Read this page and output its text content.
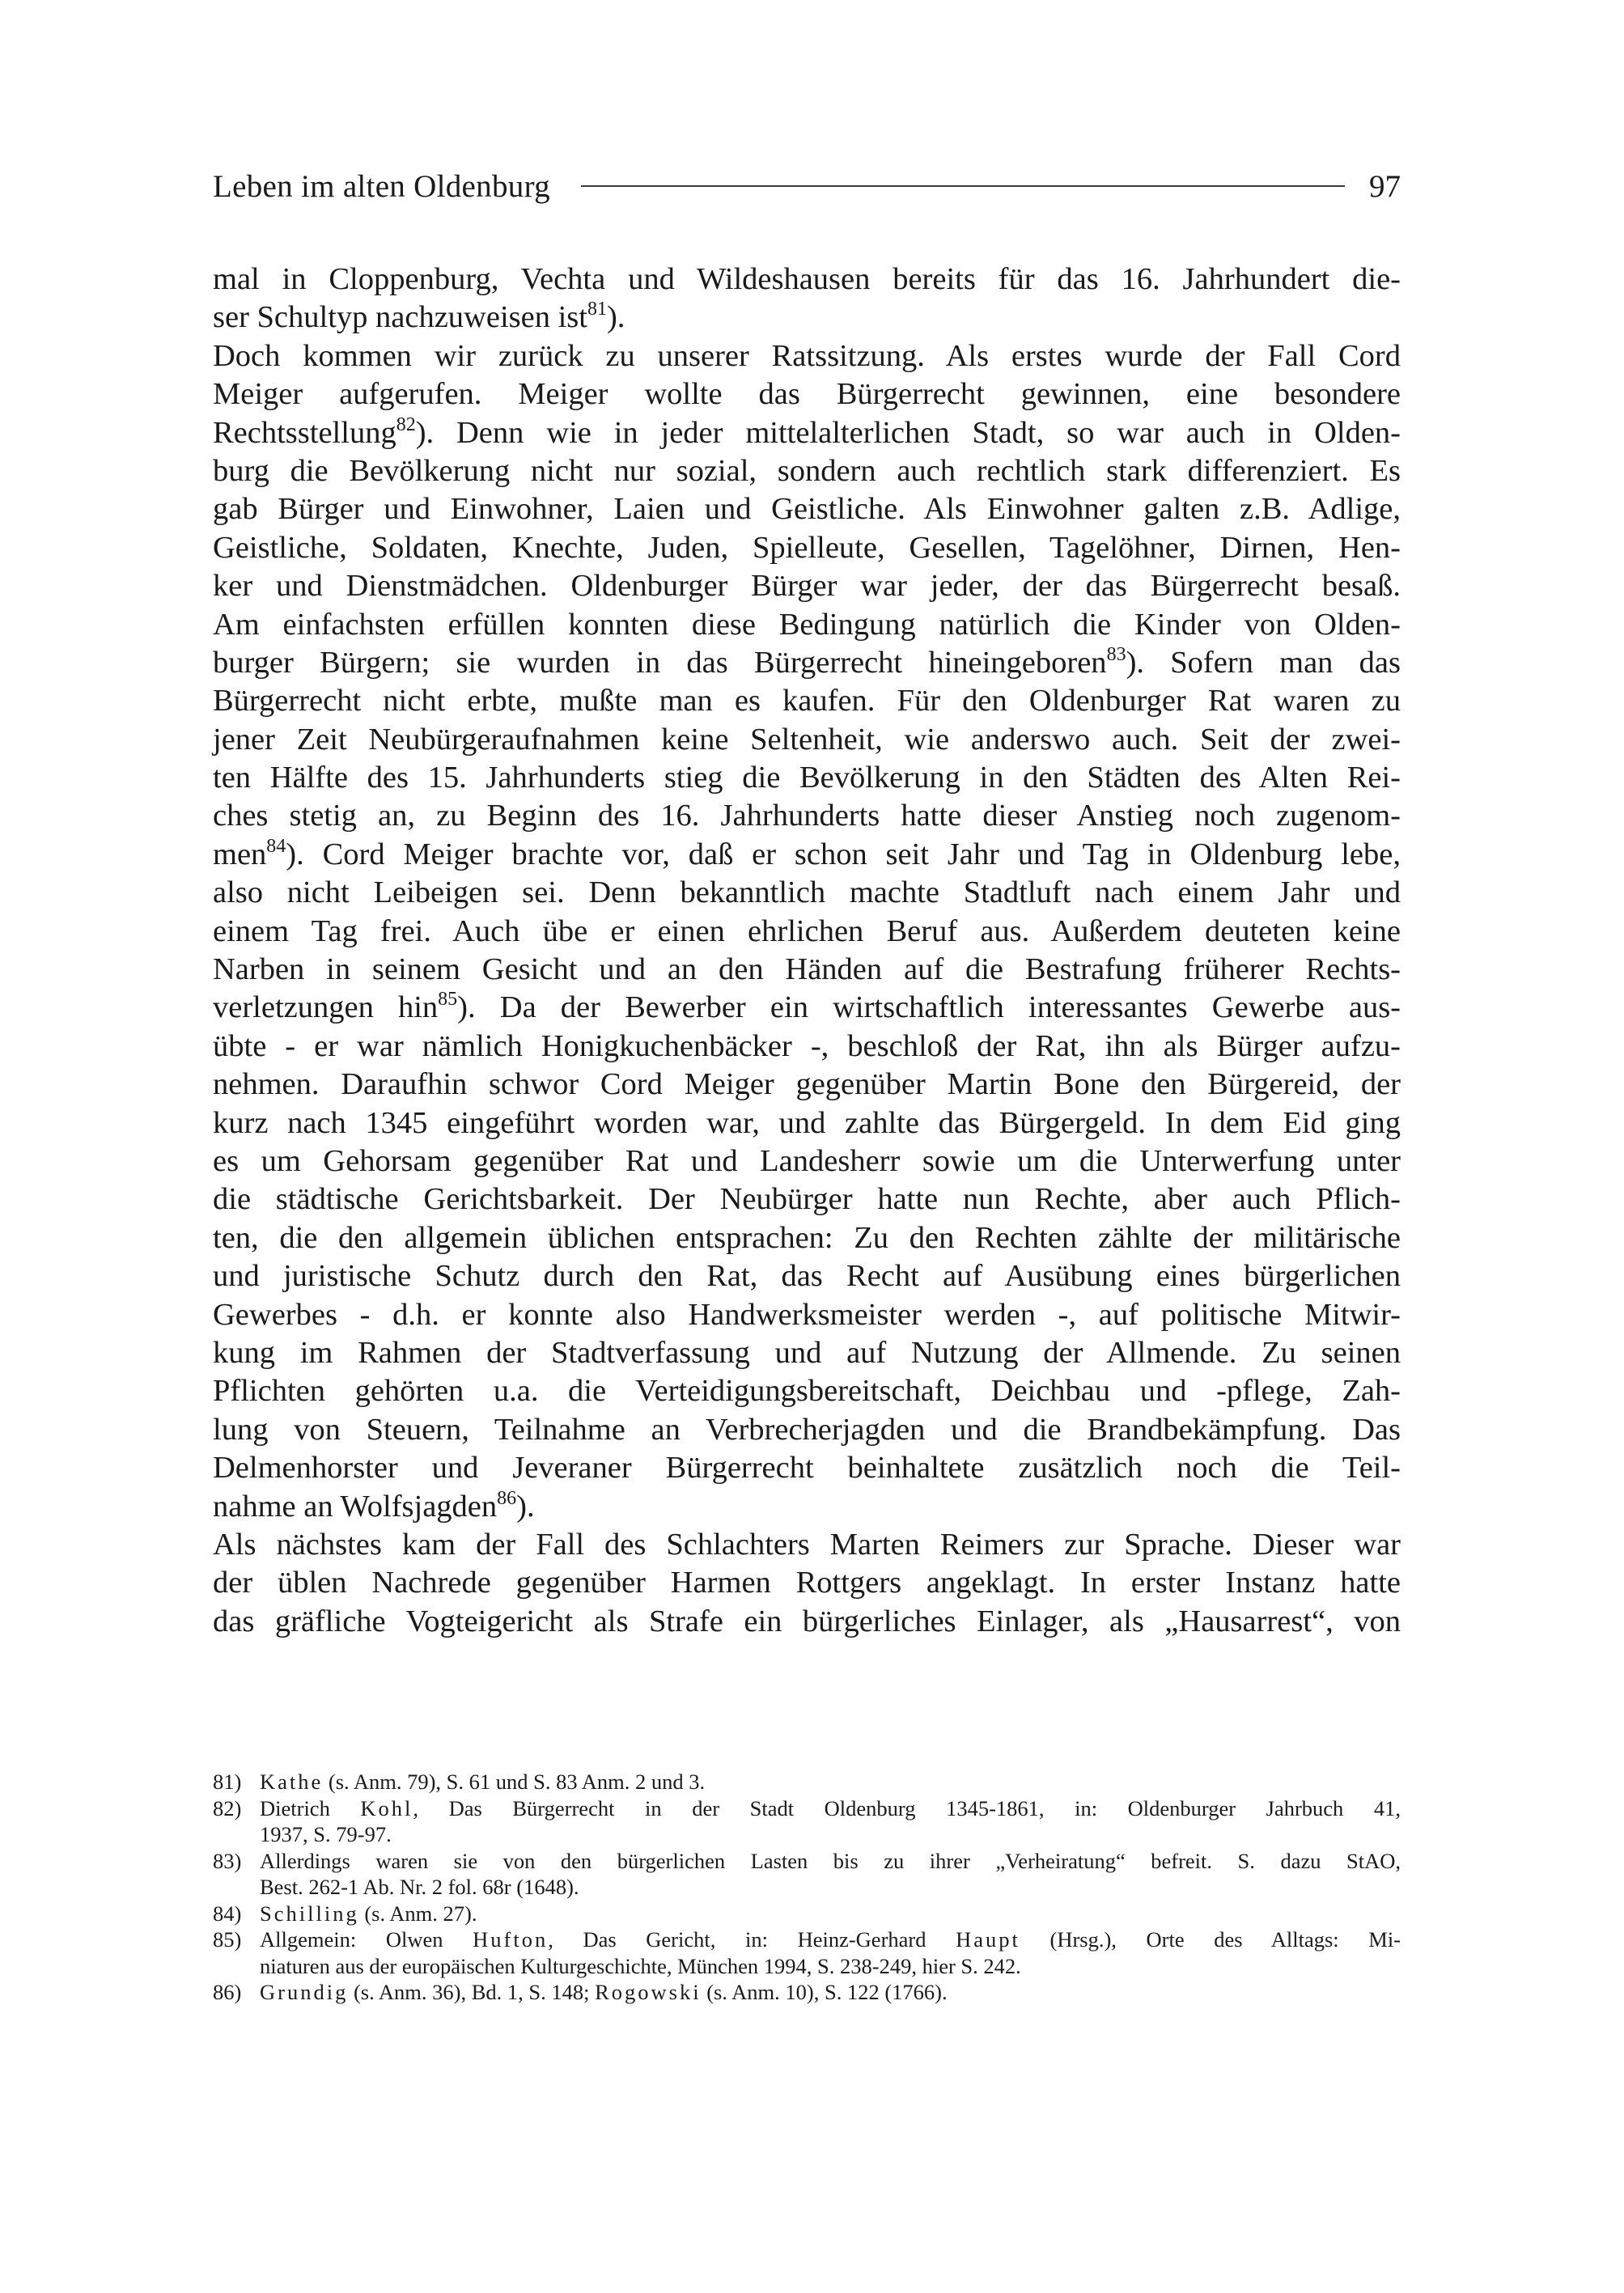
Leben im alten Oldenburg	97
mal in Cloppenburg, Vechta und Wildeshausen bereits für das 16. Jahrhundert die-
ser Schultyp nachzuweisen ist$^{81}$).
Doch kommen wir zurück zu unserer Ratssitzung. Als erstes wurde der Fall Cord
Meiger aufgerufen. Meiger wollte das Bürgerrecht gewinnen, eine besondere
Rechtsstellung$^{82}$). Denn wie in jeder mittelalterlichen Stadt, so war auch in Olden-
burg die Bevölkerung nicht nur sozial, sondern auch rechtlich stark differenziert. Es
gab Bürger und Einwohner, Laien und Geistliche. Als Einwohner galten z.B. Adlige,
Geistliche, Soldaten, Knechte, Juden, Spielleute, Gesellen, Tagelöhner, Dirnen, Hen-
ker und Dienstmädchen. Oldenburger Bürger war jeder, der das Bürgerrecht besaß.
Am einfachsten erfüllen konnten diese Bedingung natürlich die Kinder von Olden-
burger Bürgern; sie wurden in das Bürgerrecht hineingeboren$^{83}$). Sofern man das
Bürgerrecht nicht erbte, mußte man es kaufen. Für den Oldenburger Rat waren zu
jener Zeit Neubürgeraufnahmen keine Seltenheit, wie anderswo auch. Seit der zwei-
ten Hälfte des 15. Jahrhunderts stieg die Bevölkerung in den Städten des Alten Rei-
ches stetig an, zu Beginn des 16. Jahrhunderts hatte dieser Anstieg noch zugenom-
men$^{84}$). Cord Meiger brachte vor, daß er schon seit Jahr und Tag in Oldenburg lebe,
also nicht Leibeigen sei. Denn bekanntlich machte Stadtluft nach einem Jahr und
einem Tag frei. Auch übe er einen ehrlichen Beruf aus. Außerdem deuteten keine
Narben in seinem Gesicht und an den Händen auf die Bestrafung früherer Rechts-
verletzungen hin$^{85}$). Da der Bewerber ein wirtschaftlich interessantes Gewerbe aus-
übte - er war nämlich Honigkuchenbäcker -, beschloß der Rat, ihn als Bürger aufzu-
nehmen. Daraufhin schwor Cord Meiger gegenüber Martin Bone den Bürgereid, der
kurz nach 1345 eingeführt worden war, und zahlte das Bürgergeld. In dem Eid ging
es um Gehorsam gegenüber Rat und Landesherr sowie um die Unterwerfung unter
die städtische Gerichtsbarkeit. Der Neubürger hatte nun Rechte, aber auch Pflich-
ten, die den allgemein üblichen entsprachen: Zu den Rechten zählte der militärische
und juristische Schutz durch den Rat, das Recht auf Ausübung eines bürgerlichen
Gewerbes - d.h. er konnte also Handwerksmeister werden -, auf politische Mitwir-
kung im Rahmen der Stadtverfassung und auf Nutzung der Allmende. Zu seinen
Pflichten gehörten u.a. die Verteidigungsbereitschaft, Deichbau und -pflege, Zah-
lung von Steuern, Teilnahme an Verbrecherjagden und die Brandbekämpfung. Das
Delmenhorster und Jeveraner Bürgerrecht beinhaltete zusätzlich noch die Teil-
nahme an Wolfsjagden$^{86}$).
Als nächstes kam der Fall des Schlachters Marten Reimers zur Sprache. Dieser war
der üblen Nachrede gegenüber Harmen Rottgers angeklagt. In erster Instanz hatte
das gräfliche Vogteigericht als Strafe ein bürgerliches Einlager, als „Hausarrest“, von
81) Kathe (s. Anm. 79), S. 61 und S. 83 Anm. 2 und 3.
82) Dietrich Kohl, Das Bürgerrecht in der Stadt Oldenburg 1345-1861, in: Oldenburger Jahrbuch 41,
1937, S. 79-97.
83) Allerdings waren sie von den bürgerlichen Lasten bis zu ihrer „Verheiratung“ befreit. S. dazu StAO,
Best. 262-1 Ab. Nr. 2 fol. 68r (1648).
84) Schilling (s. Anm. 27).
85) Allgemein: Olwen Hufton, Das Gericht, in: Heinz-Gerhard Haupt (Hrsg.), Orte des Alltags: Mi-
niaturen aus der europäischen Kulturgeschichte, München 1994, S. 238-249, hier S. 242.
86) Grundig (s. Anm. 36), Bd. 1, S. 148; Rogowski (s. Anm. 10), S. 122 (1766).
